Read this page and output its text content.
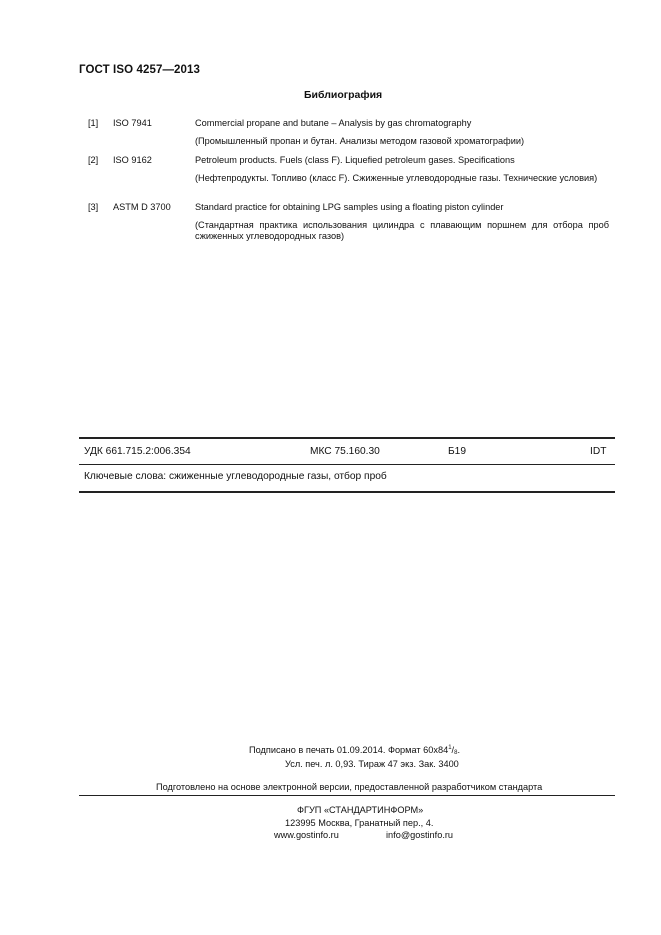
ГОСТ ISO 4257—2013
Библиография
[1] ISO 7941	Commercial propane and butane – Analysis by gas chromatography
(Промышленный пропан и бутан. Анализы методом газовой хроматографии)
[2] ISO 9162	Petroleum products. Fuels (class F). Liquefied petroleum gases. Specifications
(Нефтепродукты. Топливо (класс F). Сжиженные углеводородные газы. Технические условия)
[3] ASTM D 3700	Standard practice for obtaining LPG samples using a floating piston cylinder
(Стандартная практика использования цилиндра с плавающим поршнем для отбора проб сжиженных углеводородных газов)
УДК 661.715.2:006.354	МКС 75.160.30	Б19	IDT
Ключевые слова: сжиженные углеводородные газы, отбор проб
Подписано в печать 01.09.2014. Формат $60x84^1/_8$.
Усл. печ. л. 0,93. Тираж 47 экз. Зак. 3400
Подготовлено на основе электронной версии, предоставленной разработчиком стандарта
ФГУП «СТАНДАРТИНФОРМ»
123995 Москва, Гранатный пер., 4.
www.gostinfo.ru	info@gostinfo.ru
